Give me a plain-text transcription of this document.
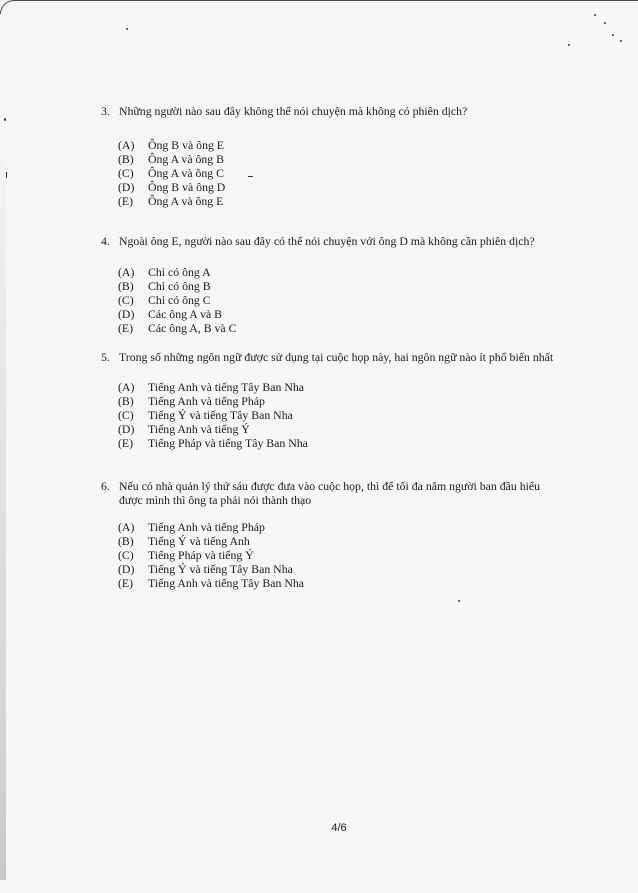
3. Những người nào sau đây không thể nói chuyện mà không có phiên dịch?
(A) Ông B và ông E
(B) Ông A và ông B
(C) Ông A và ông C
(D) Ông B và ông D
(E) Ông A và ông E
4. Ngoài ông E, người nào sau đây có thể nói chuyện với ông D mà không cần phiên dịch?
(A) Chỉ có ông A
(B) Chỉ có ông B
(C) Chỉ có ông C
(D) Các ông A và B
(E) Các ông A, B và C
5. Trong số những ngôn ngữ được sử dụng tại cuộc họp này, hai ngôn ngữ nào ít phổ biến nhất
(A) Tiếng Anh và tiếng Tây Ban Nha
(B) Tiếng Anh và tiếng Pháp
(C) Tiếng Ý và tiếng Tây Ban Nha
(D) Tiếng Anh và tiếng Ý
(E) Tiếng Pháp và tiếng Tây Ban Nha
6. Nếu có nhà quản lý thứ sáu được đưa vào cuộc họp, thì để tối đa năm người ban đầu hiểu
được mình thì ông ta phải nói thành thạo
(A) Tiếng Anh và tiếng Pháp
(B) Tiếng Ý và tiếng Anh
(C) Tiếng Pháp và tiếng Ý
(D) Tiếng Ý và tiếng Tây Ban Nha
(E) Tiếng Anh và tiếng Tây Ban Nha
4/6
